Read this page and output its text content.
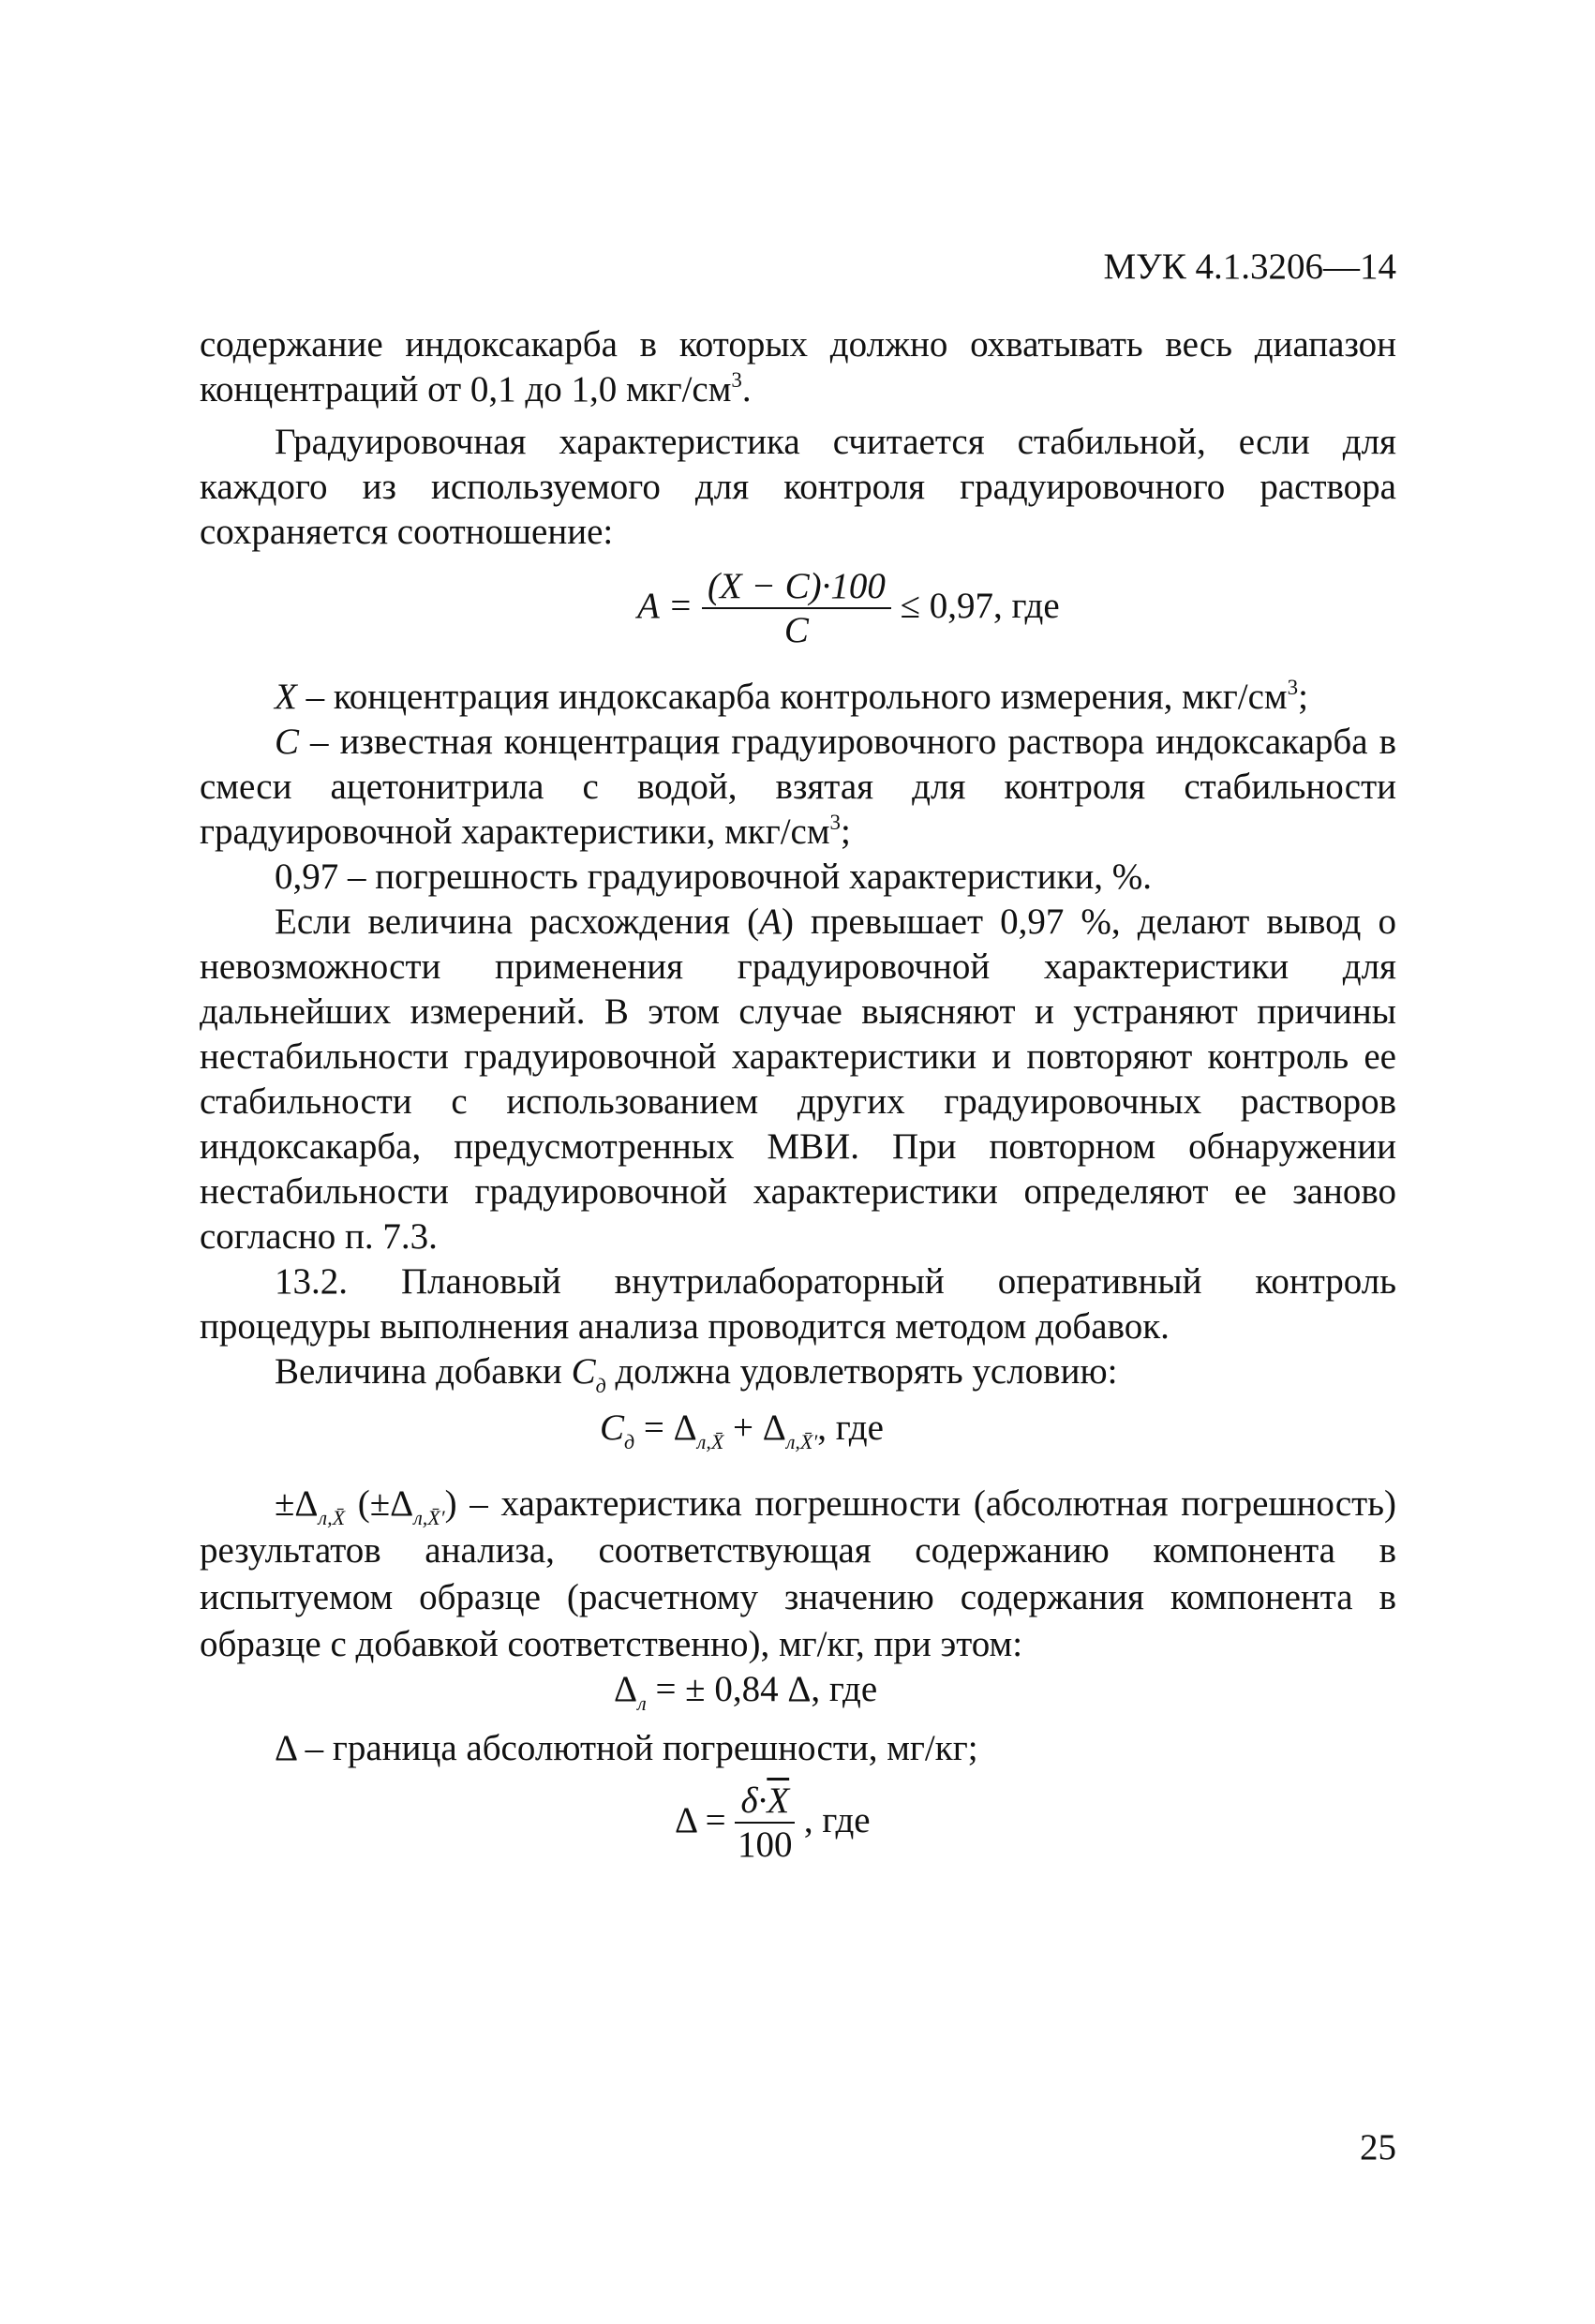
МУК 4.1.3206—14

содержание индоксакарба в которых должно охватывать весь диапазон концентраций от 0,1 до 1,0 мкг/$см^3$.

Градуировочная характеристика считается стабильной, если для каждого из используемого для контроля градуировочного раствора сохраняется соотношение:

$A = \frac{(X - C)\cdot 100}{C} \le 0,97$, где

X – концентрация индоксакарба контрольного измерения, мкг/$см^3$;

C – известная концентрация градуировочного раствора индоксакарба в смеси ацетонитрила с водой, взятая для контроля стабильности градуировочной характеристики, мкг/$см^3$;

0,97 – погрешность градуировочной характеристики, %.

Если величина расхождения (A) превышает 0,97 %, делают вывод о невозможности применения градуировочной характеристики для дальнейших измерений. В этом случае выясняют и устраняют причины нестабильности градуировочной характеристики и повторяют контроль ее стабильности с использованием других градуировочных растворов индоксакарба, предусмотренных МВИ. При повторном обнаружении нестабильности градуировочной характеристики определяют ее заново согласно п. 7.3.

13.2. Плановый внутрилабораторный оперативный контроль процедуры выполнения анализа проводится методом добавок.

Величина добавки $C_д$ должна удовлетворять условию:

$C_д = \Delta_{л,X̄} + \Delta_{л,X̄'}$, где

$\pm\Delta_{л,X̄}$ $(\pm\Delta_{л,X̄'})$ – характеристика погрешности (абсолютная погрешность) результатов анализа, соответствующая содержанию компонента в испытуемом образце (расчетному значению содержания компонента в образце с добавкой соответственно), мг/кг, при этом:

$\Delta_л$ = ± 0,84 Δ, где

Δ – граница абсолютной погрешности, мг/кг;

$\Delta = \frac{\delta\cdot\overline{X}}{100}$ , где
25
